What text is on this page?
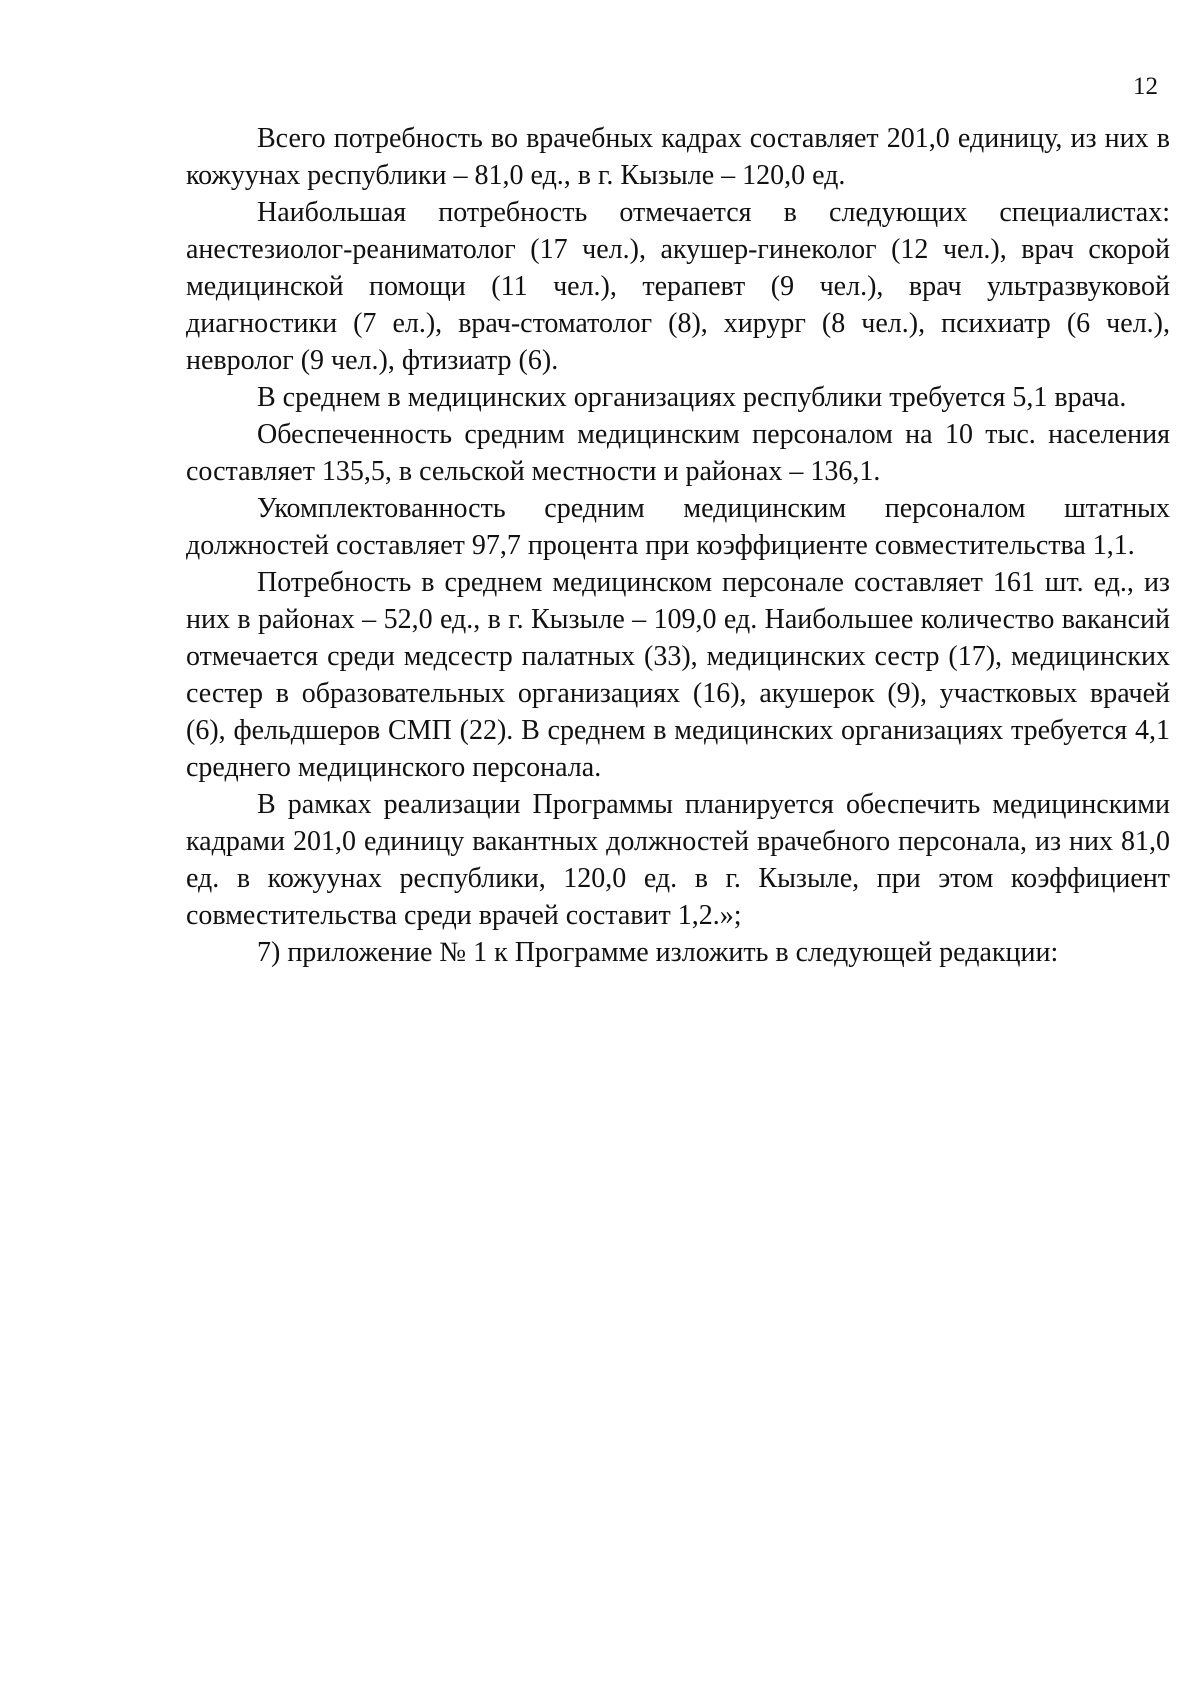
12

Всего потребность во врачебных кадрах составляет 201,0 единицу, из них в кожуунах республики – 81,0 ед., в г. Кызыле – 120,0 ед.

Наибольшая потребность отмечается в следующих специалистах: анестезиолог-реаниматолог (17 чел.), акушер-гинеколог (12 чел.), врач скорой медицинской помощи (11 чел.), терапевт (9 чел.), врач ультразвуковой диагностики (7 ел.), врач-стоматолог (8), хирург (8 чел.), психиатр (6 чел.), невролог (9 чел.), фтизиатр (6).

В среднем в медицинских организациях республики требуется 5,1 врача.

Обеспеченность средним медицинским персоналом на 10 тыс. населения составляет 135,5, в сельской местности и районах – 136,1.

Укомплектованность средним медицинским персоналом штатных должностей составляет 97,7 процента при коэффициенте совместительства 1,1.

Потребность в среднем медицинском персонале составляет 161 шт. ед., из них в районах – 52,0 ед., в г. Кызыле – 109,0 ед. Наибольшее количество вакансий отмечается среди медсестр палатных (33), медицинских сестр (17), медицинских сестер в образовательных организациях (16), акушерок (9), участковых врачей (6), фельдшеров СМП (22). В среднем в медицинских организациях требуется 4,1 среднего медицинского персонала.

В рамках реализации Программы планируется обеспечить медицинскими кадрами 201,0 единицу вакантных должностей врачебного персонала, из них 81,0 ед. в кожуунах республики, 120,0 ед. в г. Кызыле, при этом коэффициент совместительства среди врачей составит 1,2.»;

7) приложение № 1 к Программе изложить в следующей редакции:
